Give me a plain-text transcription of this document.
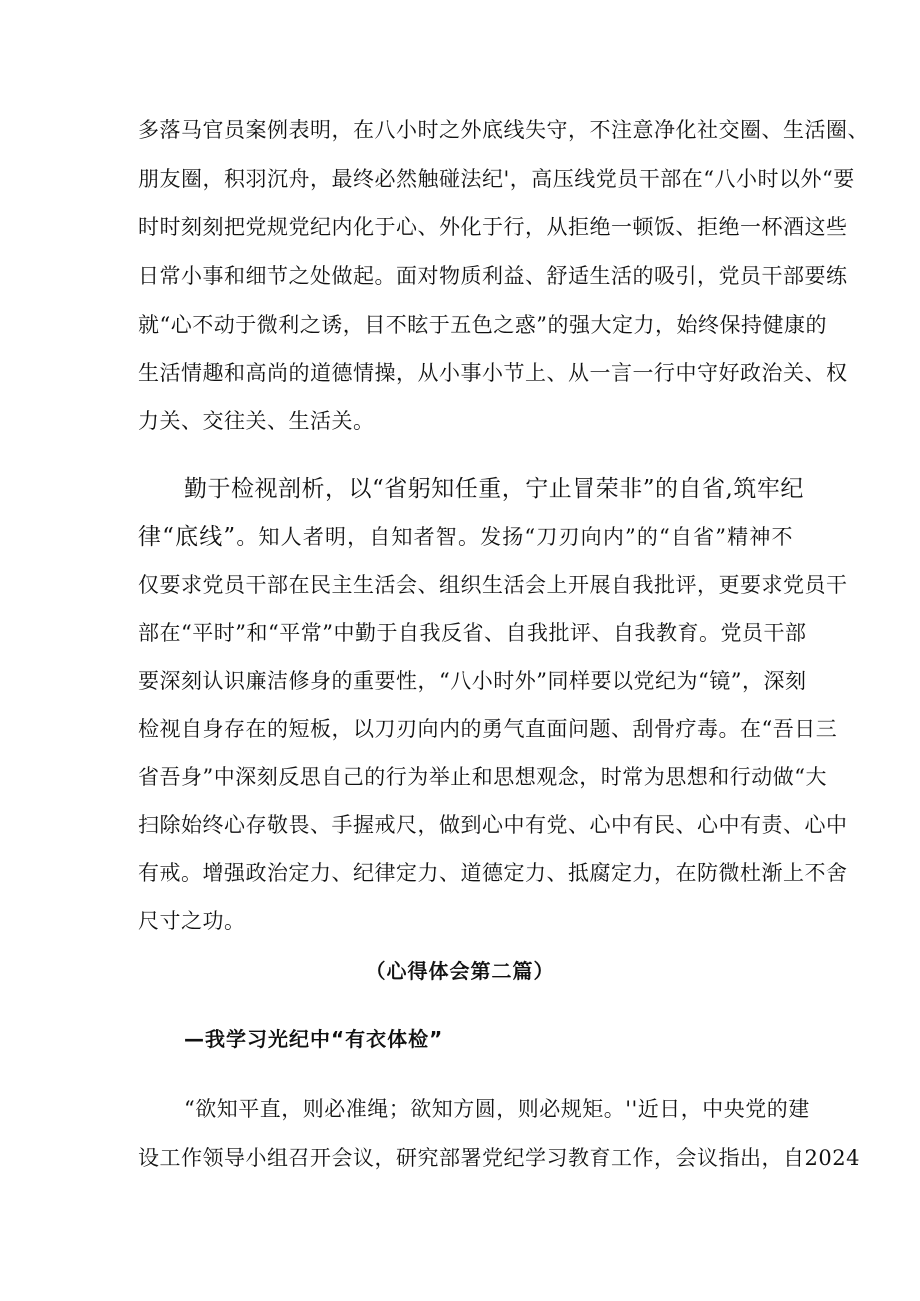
多落马官员案例表明，在八小时之外底线失守，不注意净化社交圈、生活圈、
朋友圈，积羽沉舟，最终必然触碰法纪'，高压线党员干部在“八小时以外“要
时时刻刻把党规党纪内化于心、外化于行，从拒绝一顿饭、拒绝一杯酒这些
日常小事和细节之处做起。面对物质利益、舒适生活的吸引，党员干部要练
就“心不动于微利之诱，目不眩于五色之惑”的强大定力，始终保持健康的
生活情趣和高尚的道德情操，从小事小节上、从一言一行中守好政治关、权
力关、交往关、生活关。
勤于检视剖析，以“省躬知任重，宁止冒荣非”的自省,筑牢纪
律“底线”。知人者明，自知者智。发扬“刀刃向内”的“自省”精神不
仅要求党员干部在民主生活会、组织生活会上开展自我批评，更要求党员干
部在“平时”和“平常”中勤于自我反省、自我批评、自我教育。党员干部
要深刻认识廉洁修身的重要性，“八小时外”同样要以党纪为“镜”，深刻
检视自身存在的短板，以刀刃向内的勇气直面问题、刮骨疗毒。在“吾日三
省吾身”中深刻反思自己的行为举止和思想观念，时常为思想和行动做“大
扫除始终心存敬畏、手握戒尺，做到心中有党、心中有民、心中有责、心中
有戒。增强政治定力、纪律定力、道德定力、抵腐定力，在防微杜渐上不舍
尺寸之功。
（心得体会第二篇）
—我学习光纪中“有衣体检”
“欲知平直，则必准绳；欲知方圆，则必规矩。''近日，中央党的建
设工作领导小组召开会议，研究部署党纪学习教育工作，会议指出，自2024
